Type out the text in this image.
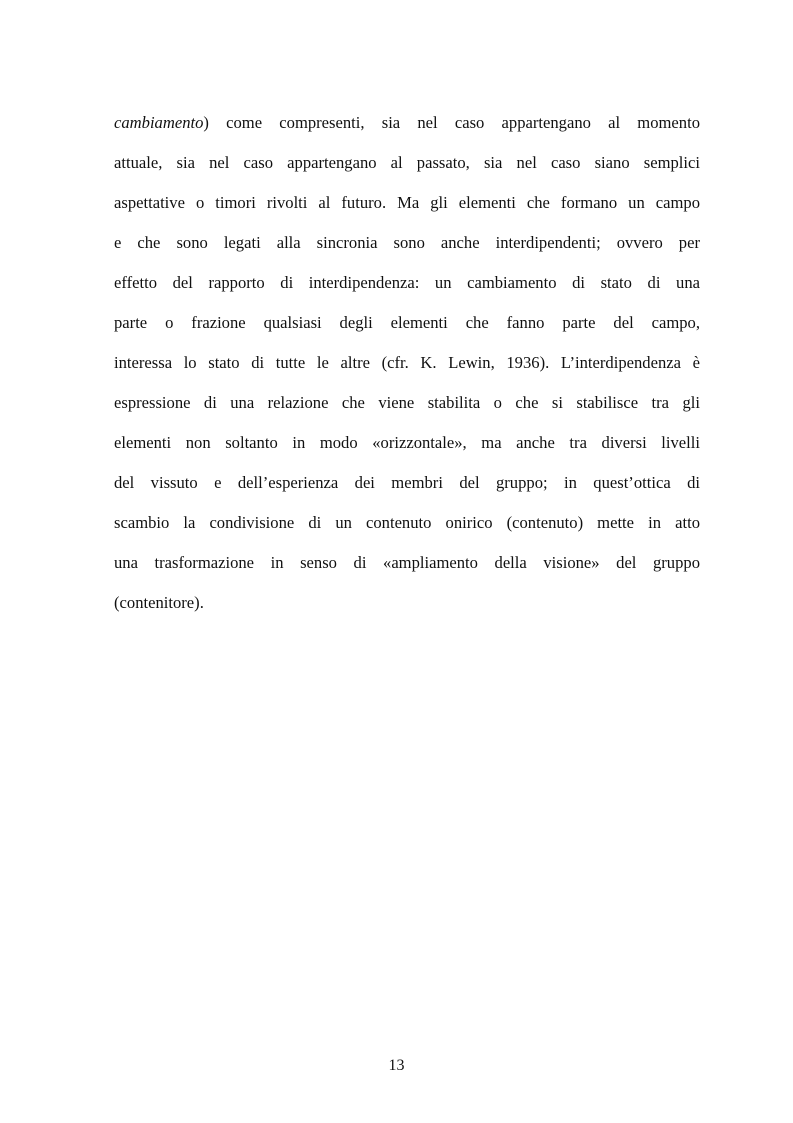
cambiamento) come compresenti, sia nel caso appartengano al momento
attuale, sia nel caso appartengano al passato, sia nel caso siano semplici
aspettative o timori rivolti al futuro. Ma gli elementi che formano un campo
e che sono legati alla sincronia sono anche interdipendenti; ovvero per
effetto del rapporto di interdipendenza: un cambiamento di stato di una
parte o frazione qualsiasi degli elementi che fanno parte del campo,
interessa lo stato di tutte le altre (cfr. K. Lewin, 1936). L’interdipendenza è
espressione di una relazione che viene stabilita o che si stabilisce tra gli
elementi non soltanto in modo «orizzontale», ma anche tra diversi livelli
del vissuto e dell’esperienza dei membri del gruppo; in quest’ottica di
scambio la condivisione di un contenuto onirico (contenuto) mette in atto
una trasformazione in senso di «ampliamento della visione» del gruppo
(contenitore).
13
